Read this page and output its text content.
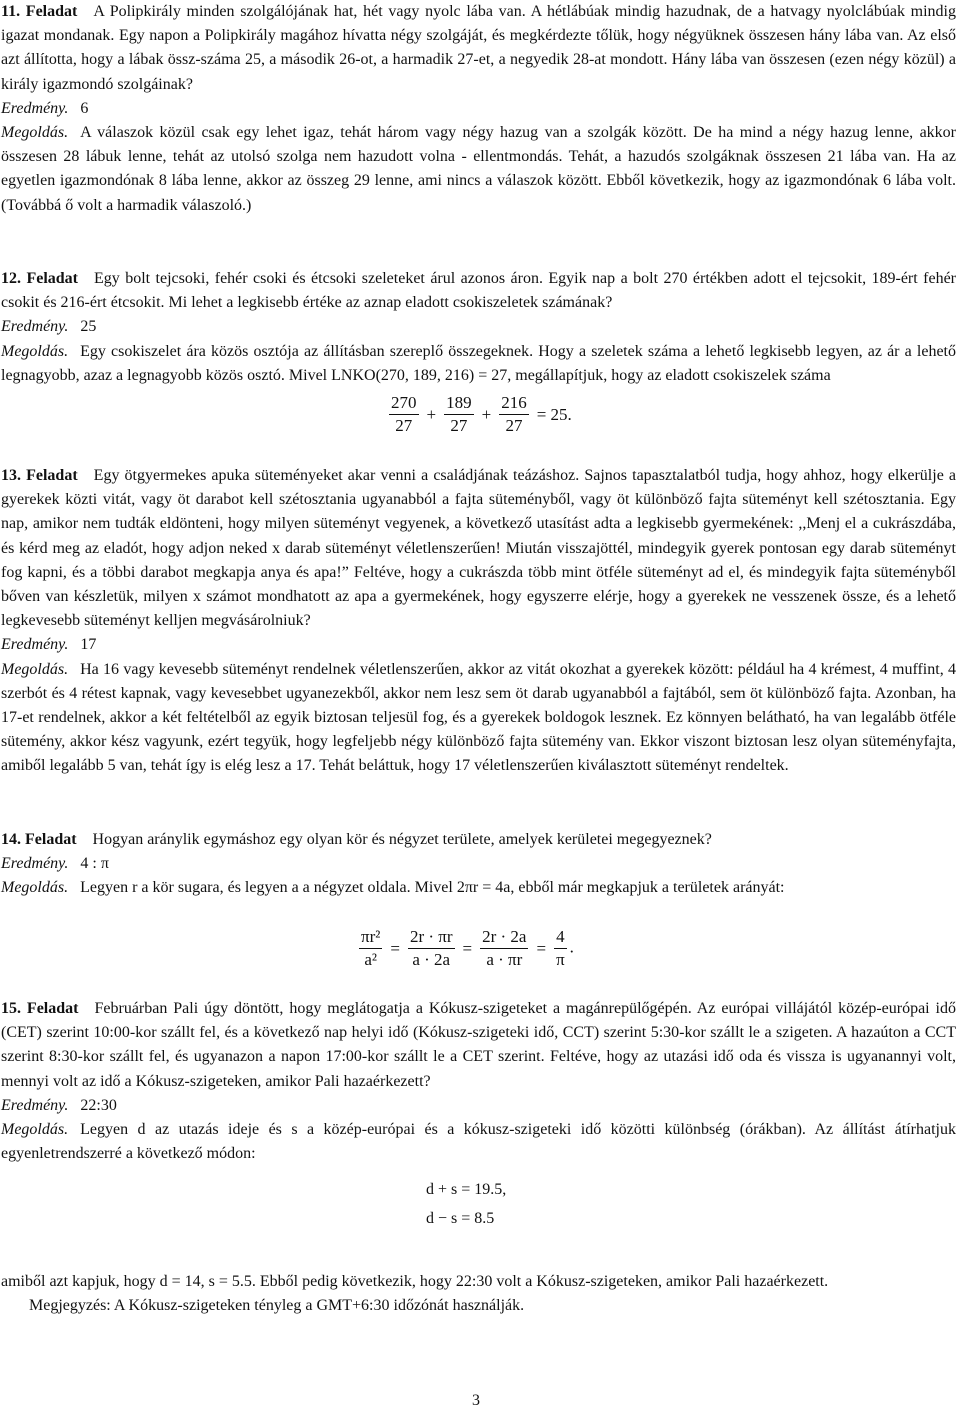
11. Feladat A Polipkirály minden szolgálójának hat, hét vagy nyolc lába van. A hétlábúak mindig hazudnak, de a hatvagy nyolclábúak mindig igazat mondanak. Egy napon a Polipkirály magához hívatta négy szolgáját, és megkérdezte tőlük, hogy négyüknek összesen hány lába van. Az első azt állította, hogy a lábak össz-száma 25, a második 26-ot, a harmadik 27-et, a negyedik 28-at mondott. Hány lába van összesen (ezen négy közül) a király igazmondó szolgáinak?

Eredmény. 6

Megoldás. A válaszok közül csak egy lehet igaz, tehát három vagy négy hazug van a szolgák között. De ha mind a négy hazug lenne, akkor összesen 28 lábuk lenne, tehát az utolsó szolga nem hazudott volna - ellentmondás. Tehát, a hazudós szolgáknak összesen 21 lába van. Ha az egyetlen igazmondónak 8 lába lenne, akkor az összeg 29 lenne, ami nincs a válaszok között. Ebből következik, hogy az igazmondónak 6 lába volt. (Továbbá ő volt a harmadik válaszoló.)

12. Feladat Egy bolt tejcsoki, fehér csoki és étcsoki szeleteket árul azonos áron. Egyik nap a bolt 270 értékben adott el tejcsokit, 189-ért fehér csokit és 216-ért étcsokit. Mi lehet a legkisebb értéke az aznap eladott csokiszeletek számának?

Eredmény. 25

Megoldás. Egy csokiszelet ára közös osztója az állításban szereplő összegeknek. Hogy a szeletek száma a lehető legkisebb legyen, az ár a lehető legnagyobb, azaz a legnagyobb közös osztó. Mivel LNKO(270, 189, 216) = 27, megállapítjuk, hogy az eladott csokiszelek száma

$\frac{270}{27} + \frac{189}{27} + \frac{216}{27} = 25$.

13. Feladat Egy ötgyermekes apuka süteményeket akar venni a családjának teázáshoz. Sajnos tapasztalatból tudja, hogy ahhoz, hogy elkerülje a gyerekek közti vitát, vagy öt darabot kell szétosztania ugyanabból a fajta süteményből, vagy öt különböző fajta süteményt kell szétosztania. Egy nap, amikor nem tudták eldönteni, hogy milyen süteményt vegyenek, a következő utasítást adta a legkisebb gyermekének: ,,Menj el a cukrászdába, és kérd meg az eladót, hogy adjon neked x darab süteményt véletlenszerűen! Miután visszajöttél, mindegyik gyerek pontosan egy darab süteményt fog kapni, és a többi darabot megkapja anya és apa!” Feltéve, hogy a cukrászda több mint ötféle süteményt ad el, és mindegyik fajta süteményből bőven van készletük, milyen x számot mondhatott az apa a gyermekének, hogy egyszerre elérje, hogy a gyerekek ne vesszenek össze, és a lehető legkevesebb süteményt kelljen megvásárolniuk?

Eredmény. 17

Megoldás. Ha 16 vagy kevesebb süteményt rendelnek véletlenszerűen, akkor az vitát okozhat a gyerekek között: például ha 4 krémest, 4 muffint, 4 szerbót és 4 rétest kapnak, vagy kevesebbet ugyanezekből, akkor nem lesz sem öt darab ugyanabból a fajtából, sem öt különböző fajta. Azonban, ha 17-et rendelnek, akkor a két feltételből az egyik biztosan teljesül fog, és a gyerekek boldogok lesznek. Ez könnyen belátható, ha van legalább ötféle sütemény, akkor kész vagyunk, ezért tegyük, hogy legfeljebb négy különböző fajta sütemény van. Ekkor viszont biztosan lesz olyan süteményfajta, amiből legalább 5 van, tehát így is elég lesz a 17. Tehát beláttuk, hogy 17 véletlenszerűen kiválasztott süteményt rendeltek.

14. Feladat Hogyan aránylik egymáshoz egy olyan kör és négyzet területe, amelyek kerületei megegyeznek?

Eredmény. 4 : π

Megoldás. Legyen r a kör sugara, és legyen a a négyzet oldala. Mivel 2πr = 4a, ebből már megkapjuk a területek arányát:

$\frac{\text{πr²}}{\text{a²}} = \frac{2r \cdot \pi r}{a \cdot 2a} = \frac{2r \cdot 2a}{a \cdot \pi r} = \frac{4}{\pi}$ .

15. Feladat Februárban Pali úgy döntött, hogy meglátogatja a Kókusz-szigeteket a magánrepülőgépén. Az európai villájától közép-európai idő (CET) szerint 10:00-kor szállt fel, és a következő nap helyi idő (Kókusz-szigeteki idő, CCT) szerint 5:30-kor szállt le a szigeten. A hazaúton a CCT szerint 8:30-kor szállt fel, és ugyanazon a napon 17:00-kor szállt le a CET szerint. Feltéve, hogy az utazási idő oda és vissza is ugyanannyi volt, mennyi volt az idő a Kókusz-szigeteken, amikor Pali hazaérkezett?

Eredmény. 22:30

Megoldás. Legyen d az utazás ideje és s a közép-európai és a kókusz-szigeteki idő közötti különbség (órákban). Az állítást átírhatjuk egyenletrendszerré a következő módon:

d + s = 19.5,
d − s = 8.5

amiből azt kapjuk, hogy d = 14, s = 5.5. Ebből pedig következik, hogy 22:30 volt a Kókusz-szigeteken, amikor Pali hazaérkezett.

Megjegyzés: A Kókusz-szigeteken tényleg a GMT+6:30 időzónát használják.

3
